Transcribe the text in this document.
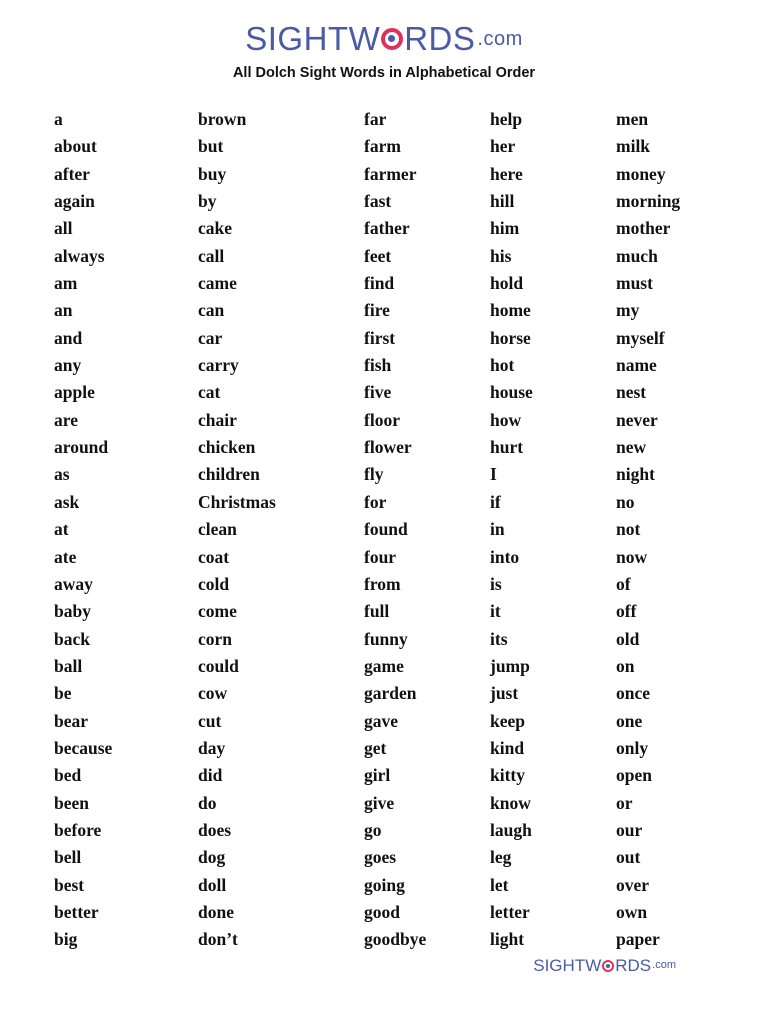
SIGHTW RDS .com
All Dolch Sight Words in Alphabetical Order
a
about
after
again
all
always
am
an
and
any
apple
are
around
as
ask
at
ate
away
baby
back
ball
be
bear
because
bed
been
before
bell
best
better
big
brown
but
buy
by
cake
call
came
can
car
carry
cat
chair
chicken
children
Christmas
clean
coat
cold
come
corn
could
cow
cut
day
did
do
does
dog
doll
done
don’t
far
farm
farmer
fast
father
feet
find
fire
first
fish
five
floor
flower
fly
for
found
four
from
full
funny
game
garden
gave
get
girl
give
go
goes
going
good
goodbye
help
her
here
hill
him
his
hold
home
horse
hot
house
how
hurt
I
if
in
into
is
it
its
jump
just
keep
kind
kitty
know
laugh
leg
let
letter
light
men
milk
money
morning
mother
much
must
my
myself
name
nest
never
new
night
no
not
now
of
off
old
on
once
one
only
open
or
our
out
over
own
paper
SIGHTW RDS .com
